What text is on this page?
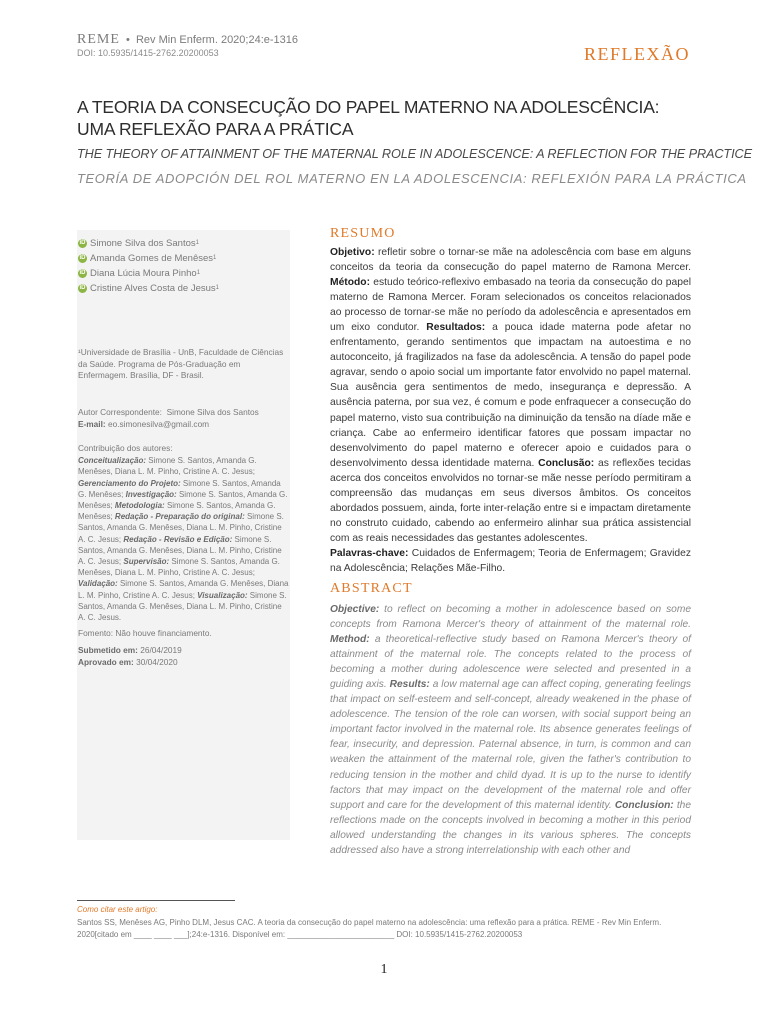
REME  •  Rev Min Enferm. 2020;24:e-1316
DOI: 10.5935/1415-2762.20200053	REFLEXÃO
A TEORIA DA CONSECUÇÃO DO PAPEL MATERNO NA ADOLESCÊNCIA: UMA REFLEXÃO PARA A PRÁTICA
THE THEORY OF ATTAINMENT OF THE MATERNAL ROLE IN ADOLESCENCE: A REFLECTION FOR THE PRACTICE
TEORÍA DE ADOPCIÓN DEL ROL MATERNO EN LA ADOLESCENCIA: REFLEXIÓN PARA LA PRÁCTICA
iD Simone Silva dos Santos 1
iD Amanda Gomes de Menêses 1
iD Diana Lúcia Moura Pinho 1
iD Cristine Alves Costa de Jesus 1
¹Universidade de Brasília - UnB, Faculdade de Ciências da Saúde. Programa de Pós-Graduação em Enfermagem. Brasília, DF - Brasil.
Autor Correspondente: Simone Silva dos Santos
E-mail: eo.simonesilva@gmail.com
Contribuição dos autores:
Conceitualização: Simone S. Santos, Amanda G. Menêses, Diana L. M. Pinho, Cristine A. C. Jesus; Gerenciamento do Projeto: Simone S. Santos, Amanda G. Menêses; Investigação: Simone S. Santos, Amanda G. Menêses; Metodologia: Simone S. Santos, Amanda G. Menêses; Redação - Preparação do original: Simone S. Santos, Amanda G. Menêses, Diana L. M. Pinho, Cristine A. C. Jesus; Redação - Revisão e Edição: Simone S. Santos, Amanda G. Menêses, Diana L. M. Pinho, Cristine A. C. Jesus; Supervisão: Simone S. Santos, Amanda G. Menêses, Diana L. M. Pinho, Cristine A. C. Jesus; Validação: Simone S. Santos, Amanda G. Menêses, Diana L. M. Pinho, Cristine A. C. Jesus; Visualização: Simone S. Santos, Amanda G. Menêses, Diana L. M. Pinho, Cristine A. C. Jesus.
Fomento: Não houve financiamento.
Submetido em: 26/04/2019
Aprovado em: 30/04/2020
RESUMO
Objetivo: refletir sobre o tornar-se mãe na adolescência com base em alguns conceitos da teoria da consecução do papel materno de Ramona Mercer. Método: estudo teórico-reflexivo embasado na teoria da consecução do papel materno de Ramona Mercer. Foram selecionados os conceitos relacionados ao processo de tornar-se mãe no período da adolescência e apresentados em um eixo condutor. Resultados: a pouca idade materna pode afetar no enfrentamento, gerando sentimentos que impactam na autoestima e no autoconceito, já fragilizados na fase da adolescência. A tensão do papel pode agravar, sendo o apoio social um importante fator envolvido no papel maternal. Sua ausência gera sentimentos de medo, insegurança e depressão. A ausência paterna, por sua vez, é comum e pode enfraquecer a consecução do papel materno, visto sua contribuição na diminuição da tensão na díade mãe e criança. Cabe ao enfermeiro identificar fatores que possam impactar no desenvolvimento do papel materno e oferecer apoio e cuidados para o desenvolvimento dessa identidade materna. Conclusão: as reflexões tecidas acerca dos conceitos envolvidos no tornar-se mãe nesse período permitiram a compreensão das mudanças em seus diversos âmbitos. Os conceitos abordados possuem, ainda, forte inter-relação entre si e impactam diretamente no construto cuidado, cabendo ao enfermeiro alinhar sua prática assistencial com as reais necessidades das gestantes adolescentes.
Palavras-chave: Cuidados de Enfermagem; Teoria de Enfermagem; Gravidez na Adolescência; Relações Mãe-Filho.
ABSTRACT
Objective: to reflect on becoming a mother in adolescence based on some concepts from Ramona Mercer's theory of attainment of the maternal role. Method: a theoretical-reflective study based on Ramona Mercer's theory of attainment of the maternal role. The concepts related to the process of becoming a mother during adolescence were selected and presented in a guiding axis. Results: a low maternal age can affect coping, generating feelings that impact on self-esteem and self-concept, already weakened in the phase of adolescence. The tension of the role can worsen, with social support being an important factor involved in the maternal role. Its absence generates feelings of fear, insecurity, and depression. Paternal absence, in turn, is common and can weaken the attainment of the maternal role, given the father's contribution to reducing tension in the mother and child dyad. It is up to the nurse to identify factors that may impact on the development of the maternal role and offer support and care for the development of this maternal identity. Conclusion: the reflections made on the concepts involved in becoming a mother in this period allowed understanding the changes in its various spheres. The concepts addressed also have a strong interrelationship with each other and
Como citar este artigo:
Santos SS, Menêses AG, Pinho DLM, Jesus CAC. A teoria da consecução do papel materno na adolescência: uma reflexão para a prática. REME - Rev Min Enferm. 2020[citado em ____ ____ ___];24:e-1316. Disponível em: ________________________ DOI: 10.5935/1415-2762.20200053
1
